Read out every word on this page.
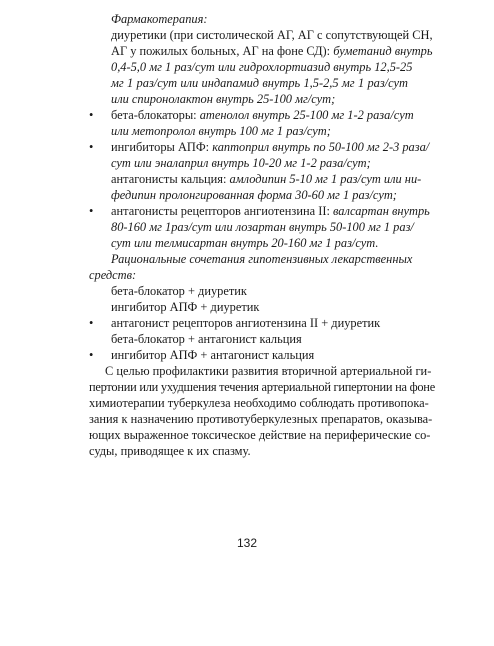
Фармакотерапия:
диуретики (при систолической АГ, АГ с сопутствующей СН,
АГ у пожилых больных, АГ на фоне СД): буметанид внутрь
0,4-5,0 мг 1 раз/сут или гидрохлортиазид внутрь 12,5-25
мг 1 раз/сут или индапамид внутрь 1,5-2,5 мг 1 раз/сут
или спиронолактон внутрь 25-100 мг/сут;
• бета-блокаторы: атенолол внутрь 25-100 мг 1-2 раза/сут
или метопролол внутрь 100 мг 1 раз/сут;
• ингибиторы АПФ: каптоприл внутрь по 50-100 мг 2-3 раза/
сут или эналаприл внутрь 10-20 мг 1-2 раза/сут;
антагонисты кальция: амлодипин 5-10 мг 1 раз/сут или ни-
федипин пролонгированная форма 30-60 мг 1 раз/сут;
• антагонисты рецепторов ангиотензина II: валсартан внутрь
80-160 мг 1раз/сут или лозартан внутрь 50-100 мг 1 раз/
сут или телмисартан внутрь 20-160 мг 1 раз/сут.
Рациональные сочетания гипотензивных лекарственных
средств:
бета-блокатор + диуретик
ингибитор АПФ + диуретик
• антагонист рецепторов ангиотензина II + диуретик
бета-блокатор + антагонист кальция
• ингибитор АПФ + антагонист кальция
С целью профилактики развития вторичной артериальной ги-
пертонии или ухудшения течения артериальной гипертонии на фоне
химиотерапии туберкулеза необходимо соблюдать противопока-
зания к назначению противотуберкулезных препаратов, оказыва-
ющих выраженное токсическое действие на периферические со-
суды, приводящее к их спазму.
132
